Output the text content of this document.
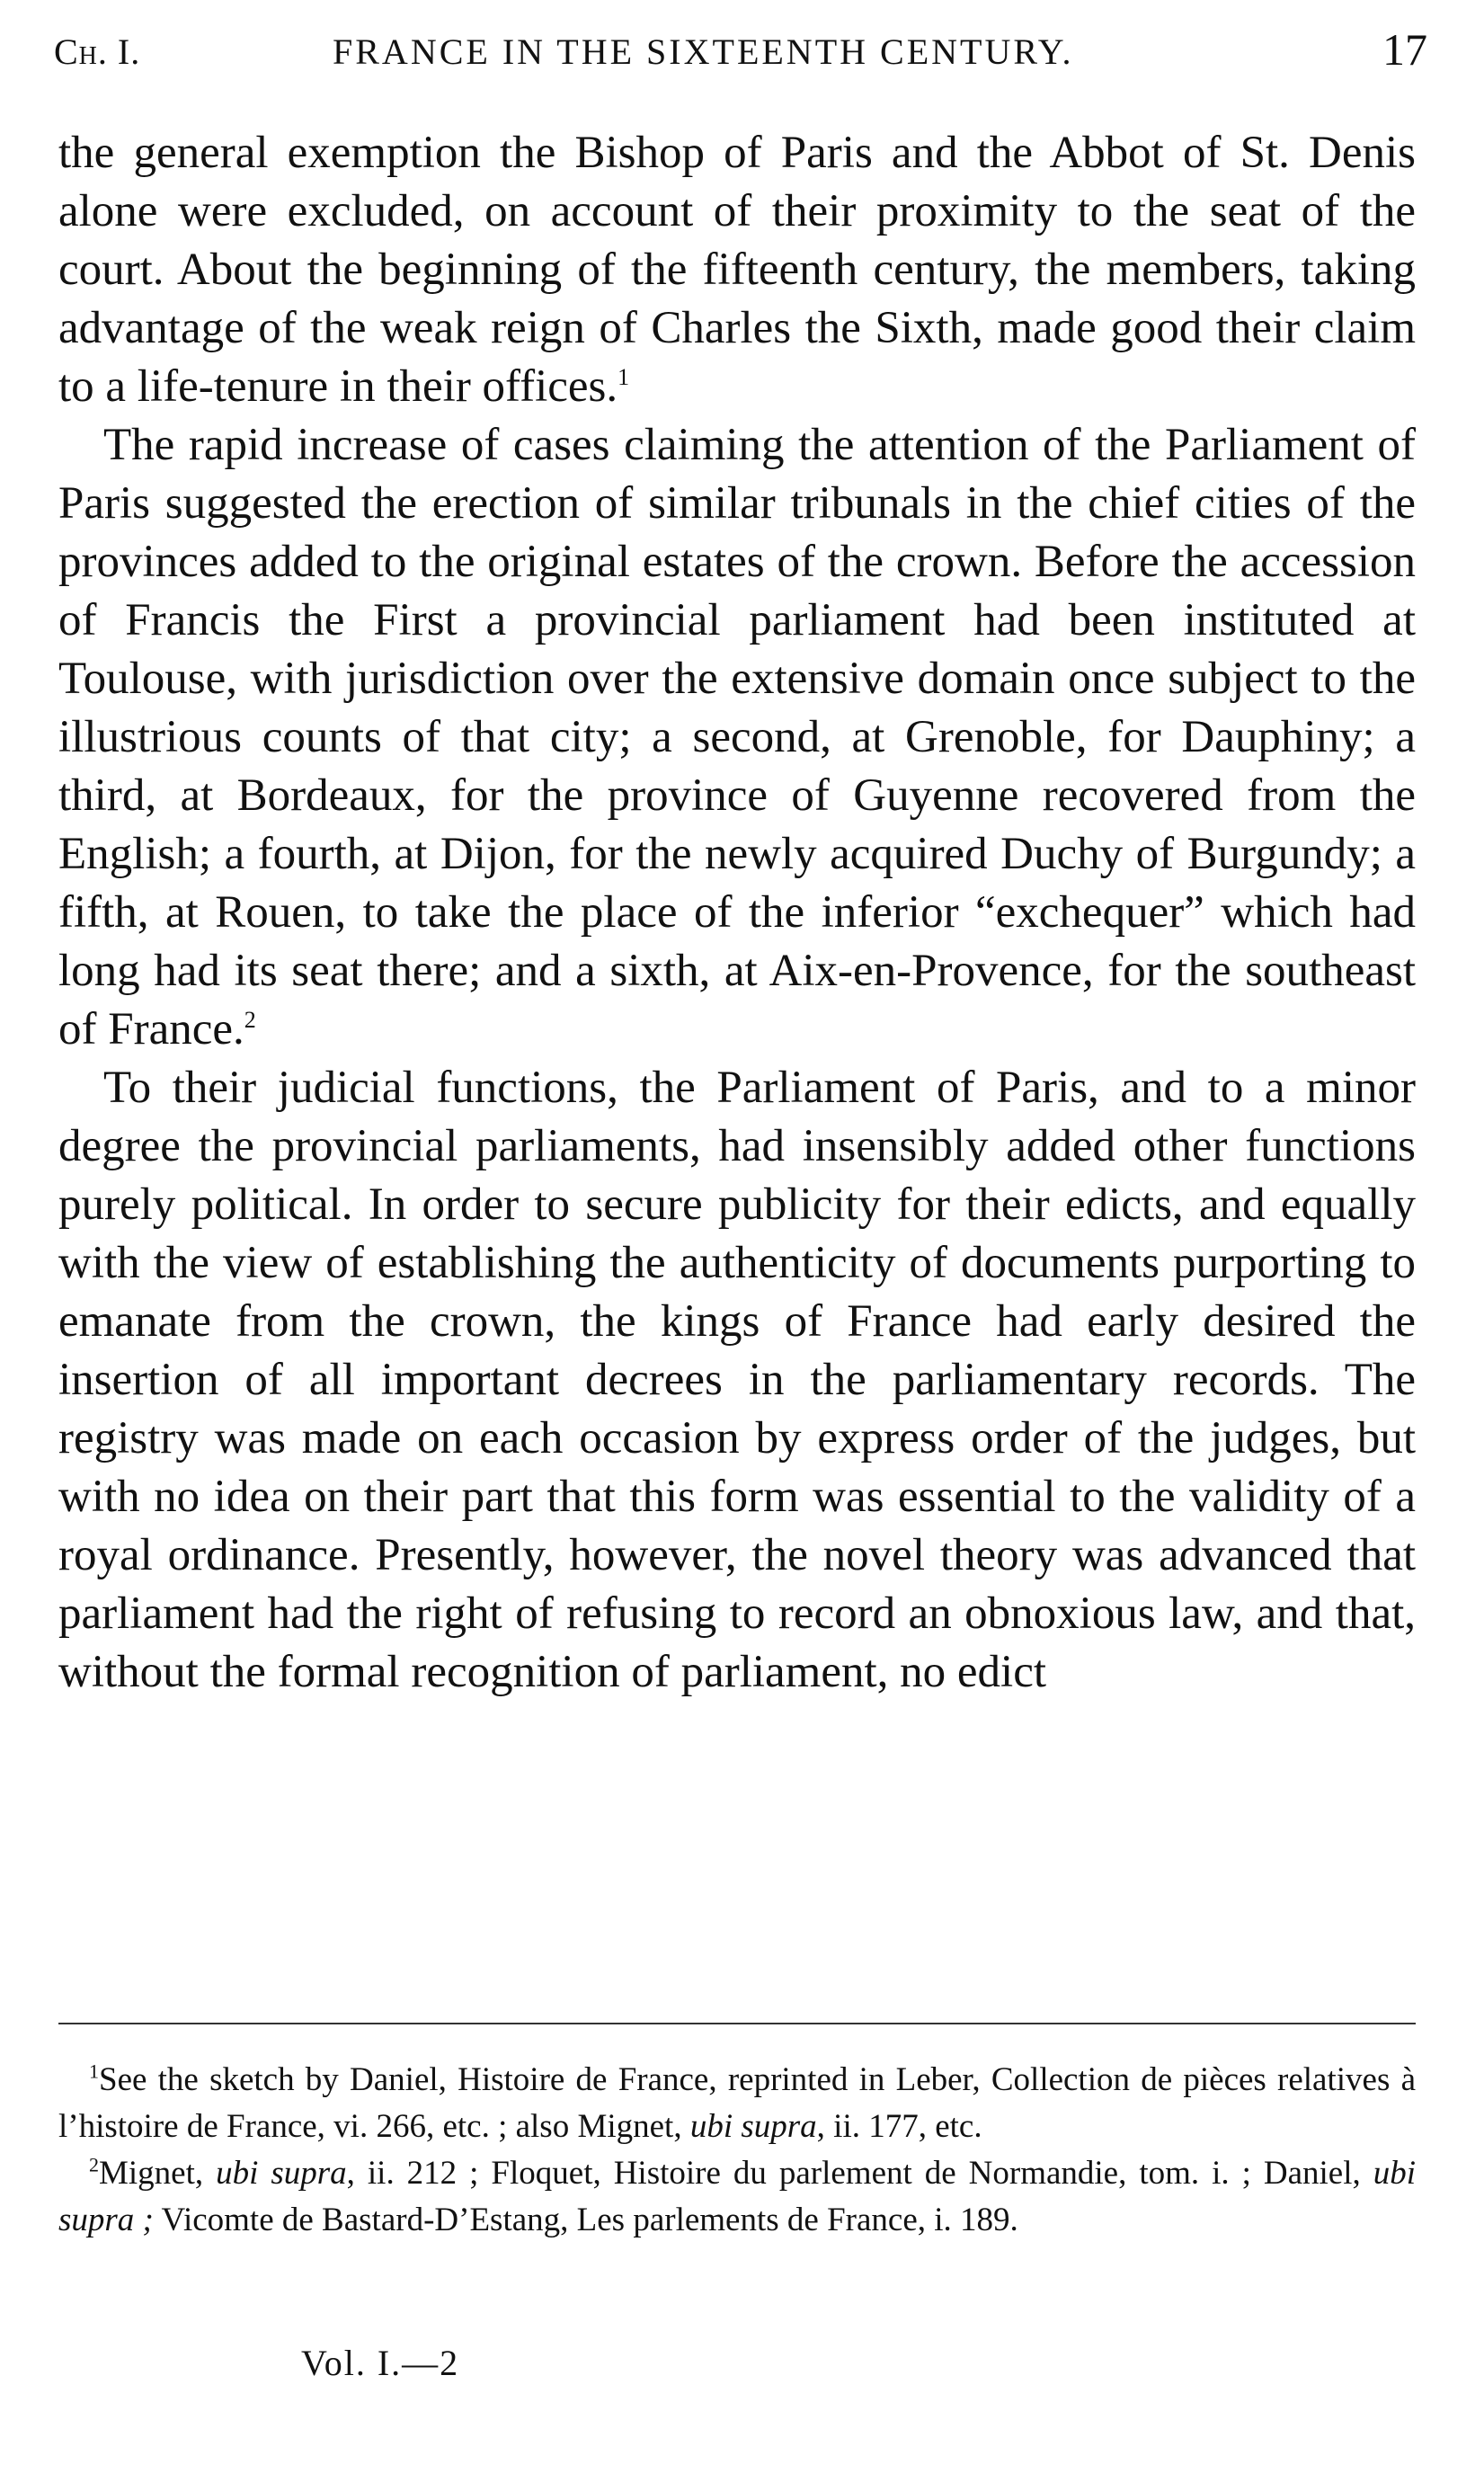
Ch. I.	FRANCE IN THE SIXTEENTH CENTURY.	17

the general exemption the Bishop of Paris and the Abbot of St. Denis alone were excluded, on account of their proximity to the seat of the court. About the beginning of the fifteenth century, the members, taking advantage of the weak reign of Charles the Sixth, made good their claim to a life-tenure in their offices.$^1$

The rapid increase of cases claiming the attention of the Parliament of Paris suggested the erection of similar tribunals in the chief cities of the provinces added to the original estates of the crown. Before the accession of Francis the First a provincial parliament had been instituted at Toulouse, with jurisdiction over the extensive domain once subject to the illustrious counts of that city; a second, at Grenoble, for Dauphiny; a third, at Bordeaux, for the province of Guyenne recovered from the English; a fourth, at Dijon, for the newly acquired Duchy of Burgundy; a fifth, at Rouen, to take the place of the inferior “exchequer” which had long had its seat there; and a sixth, at Aix-en-Provence, for the southeast of France.$^2$

To their judicial functions, the Parliament of Paris, and to a minor degree the provincial parliaments, had insensibly added other functions purely political. In order to secure publicity for their edicts, and equally with the view of establishing the authenticity of documents purporting to emanate from the crown, the kings of France had early desired the insertion of all important decrees in the parliamentary records. The registry was made on each occasion by express order of the judges, but with no idea on their part that this form was essential to the validity of a royal ordinance. Presently, however, the novel theory was advanced that parliament had the right of refusing to record an obnoxious law, and that, without the formal recognition of parliament, no edict

$^1$See the sketch by Daniel, Histoire de France, reprinted in Leber, Collection de pièces relatives à l’histoire de France, vi. 266, etc. ; also Mignet, ubi supra, ii. 177, etc.

$^2$Mignet, ubi supra, ii. 212 ; Floquet, Histoire du parlement de Normandie, tom. i. ; Daniel, ubi supra ; Vicomte de Bastard-D’Estang, Les parlements de France, i. 189.

Vol. I.—2
